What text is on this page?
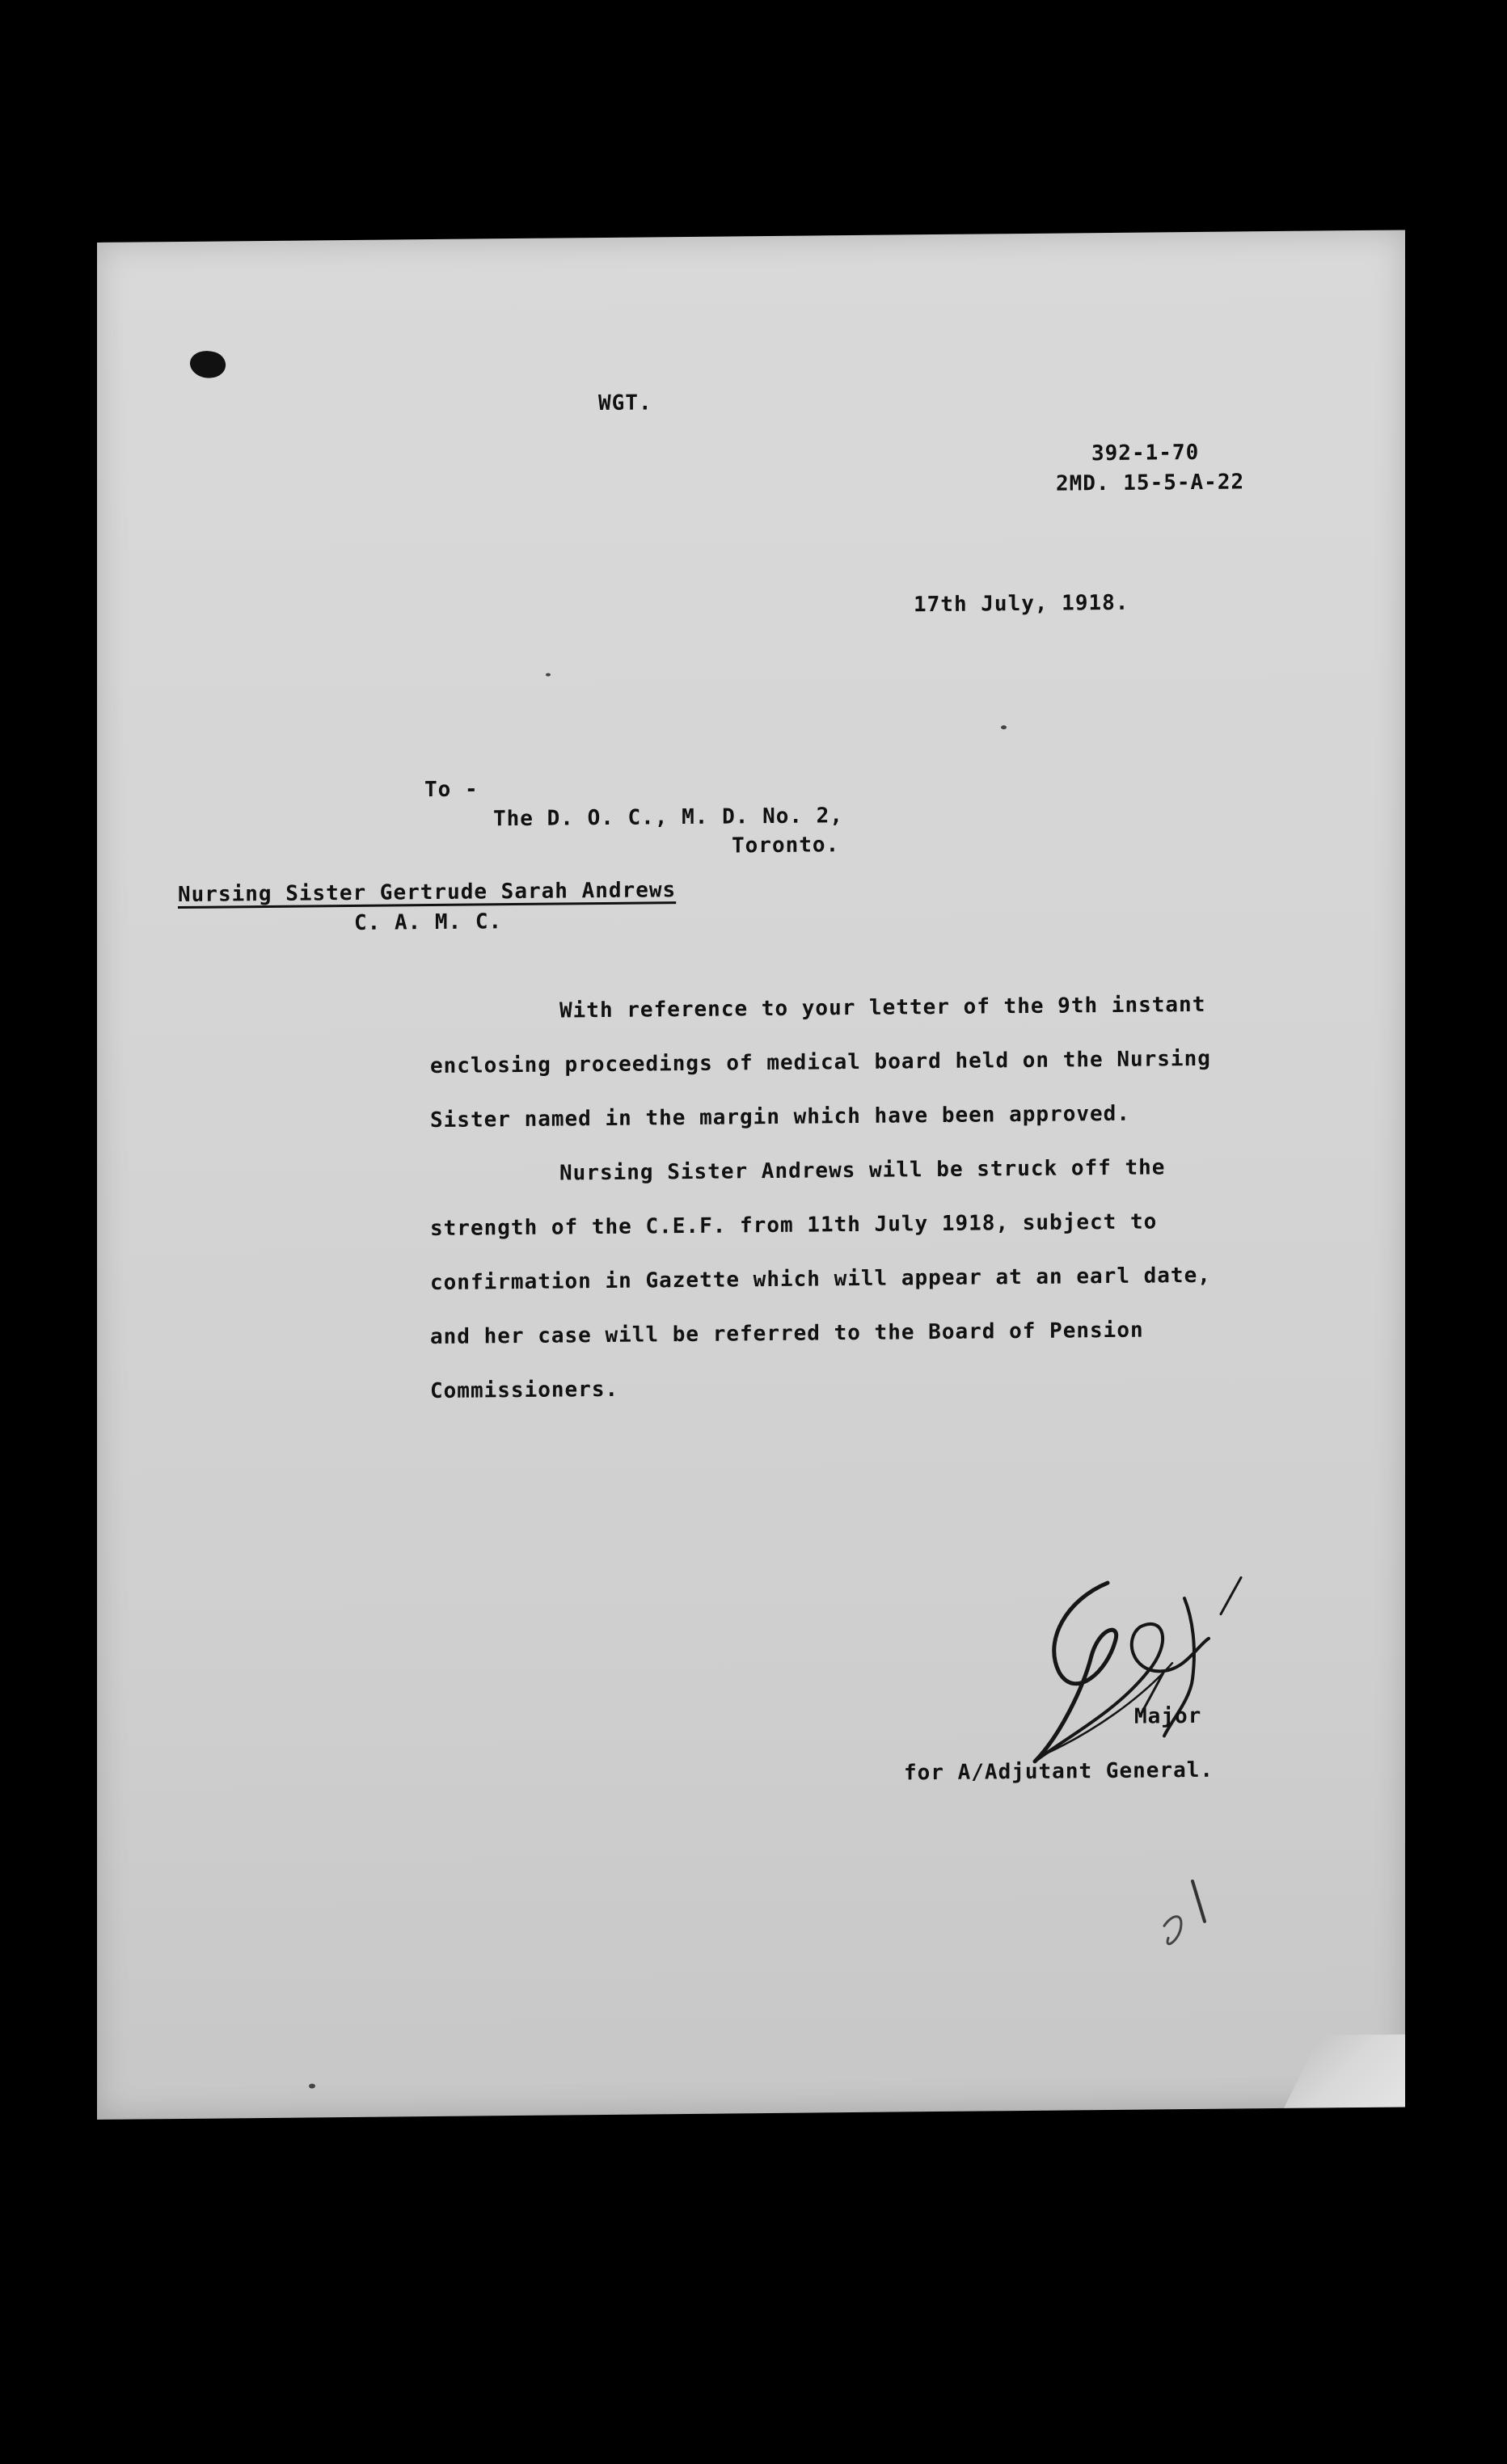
WGT.
392-1-70
2MD. 15-5-A-22
17th July, 1918.
To -
The D. O. C., M. D. No. 2,
Toronto.
Nursing Sister Gertrude Sarah Andrews
C. A. M. C.
With reference to your letter of the 9th instant
enclosing proceedings of medical board held on the Nursing
Sister named in the margin which have been approved.
Nursing Sister Andrews will be struck off the
strength of the C.E.F. from 11th July 1918, subject to
confirmation in Gazette which will appear at an earl date,
and her case will be referred to the Board of Pension
Commissioners.
Major
for A/Adjutant General.
